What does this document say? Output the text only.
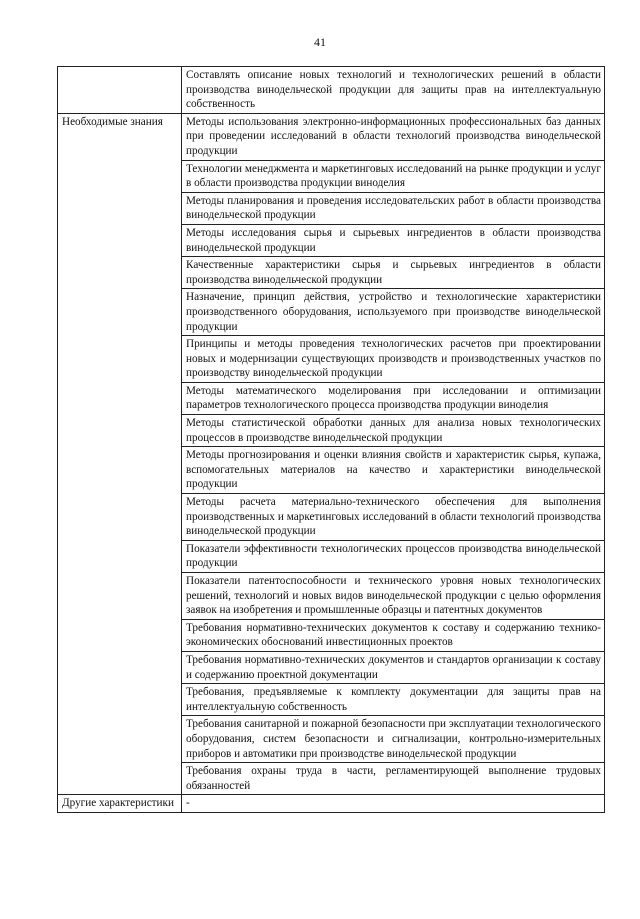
41
	Составлять описание новых технологий и технологических решений в области производства винодельческой продукции для защиты прав на интеллектуальную собственность
Необходимые знания	Методы использования электронно-информационных профессиональных баз данных при проведении исследований в области технологий производства винодельческой продукции
	Технологии менеджмента и маркетинговых исследований на рынке продукции и услуг в области производства продукции виноделия
	Методы планирования и проведения исследовательских работ в области производства винодельческой продукции
	Методы исследования сырья и сырьевых ингредиентов в области производства винодельческой продукции
	Качественные характеристики сырья и сырьевых ингредиентов в области производства винодельческой продукции
	Назначение, принцип действия, устройство и технологические характеристики производственного оборудования, используемого при производстве винодельческой продукции
	Принципы и методы проведения технологических расчетов при проектировании новых и модернизации существующих производств и производственных участков по производству винодельческой продукции
	Методы математического моделирования при исследовании и оптимизации параметров технологического процесса производства продукции виноделия
	Методы статистической обработки данных для анализа новых технологических процессов в производстве винодельческой продукции
	Методы прогнозирования и оценки влияния свойств и характеристик сырья, купажа, вспомогательных материалов на качество и характеристики винодельческой продукции
	Методы расчета материально-технического обеспечения для выполнения производственных и маркетинговых исследований в области технологий производства винодельческой продукции
	Показатели эффективности технологических процессов производства винодельческой продукции
	Показатели патентоспособности и технического уровня новых технологических решений, технологий и новых видов винодельческой продукции с целью оформления заявок на изобретения и промышленные образцы и патентных документов
	Требования нормативно-технических документов к составу и содержанию технико-экономических обоснований инвестиционных проектов
	Требования нормативно-технических документов и стандартов организации к составу и содержанию проектной документации
	Требования, предъявляемые к комплекту документации для защиты прав на интеллектуальную собственность
	Требования санитарной и пожарной безопасности при эксплуатации технологического оборудования, систем безопасности и сигнализации, контрольно-измерительных приборов и автоматики при производстве винодельческой продукции
	Требования охраны труда в части, регламентирующей выполнение трудовых обязанностей
Другие характеристики	-
